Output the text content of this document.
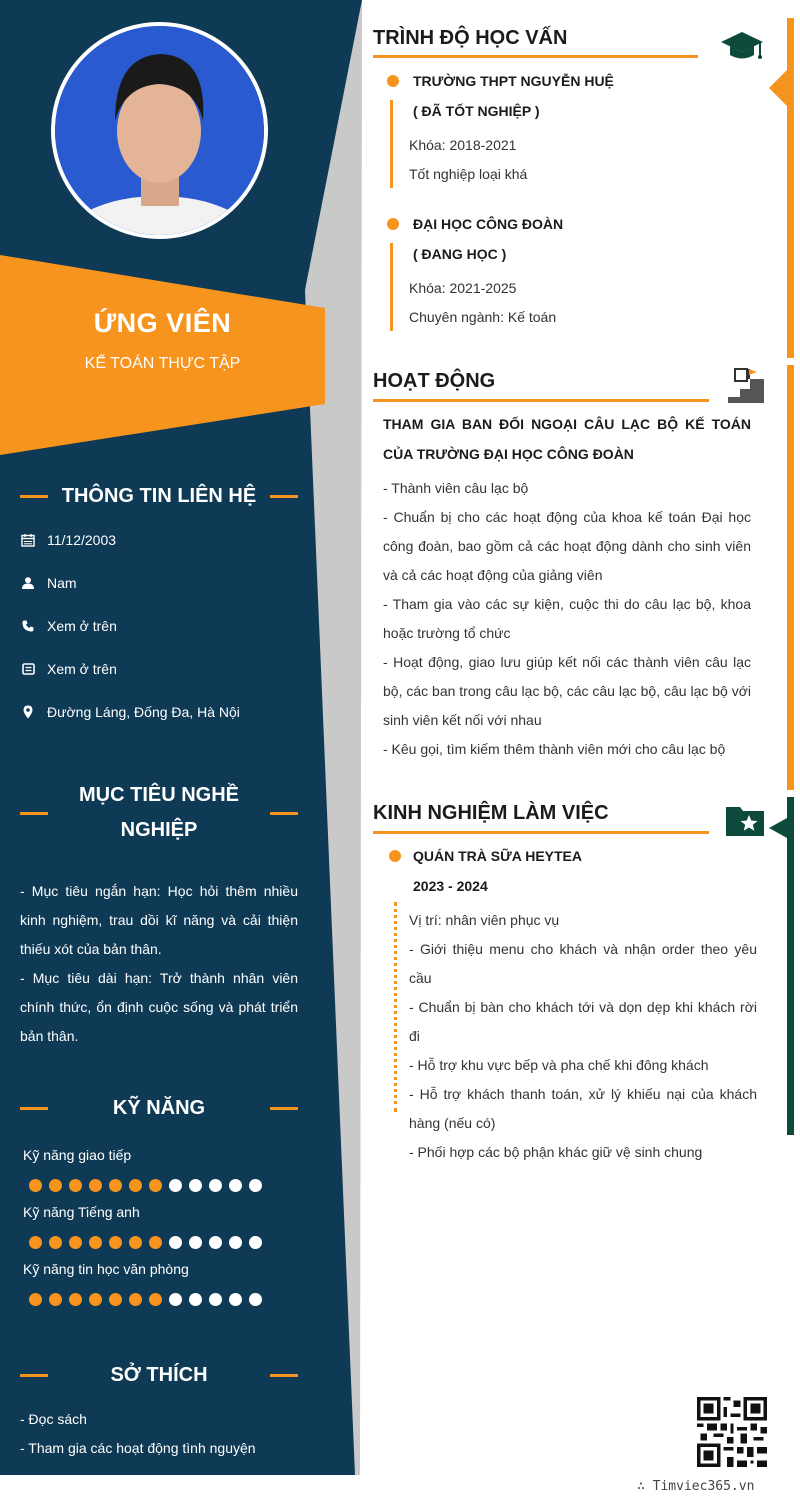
ỨNG VIÊN
KẾ TOÁN THỰC TẬP
THÔNG TIN LIÊN HỆ
11/12/2003
Nam
Xem ở trên
Xem ở trên
Đường Láng, Đống Đa, Hà Nội
MỤC TIÊU NGHỀ
NGHIỆP
- Mục tiêu ngắn hạn: Học hỏi thêm nhiều kinh nghiệm, trau dồi kĩ năng và cải thiện thiếu xót của bản thân.
- Mục tiêu dài hạn: Trở thành nhân viên chính thức, ổn định cuộc sống và phát triển bản thân.
KỸ NĂNG
Kỹ năng giao tiếp
Kỹ năng Tiếng anh
Kỹ năng tin học văn phòng
SỞ THÍCH
- Đọc sách
- Tham gia các hoạt động tình nguyện
TRÌNH ĐỘ HỌC VẤN
TRƯỜNG THPT NGUYỄN HUỆ
( ĐÃ TỐT NGHIỆP )
Khóa: 2018-2021
Tốt nghiệp loại khá
ĐẠI HỌC CÔNG ĐOÀN
( ĐANG HỌC )
Khóa: 2021-2025
Chuyên ngành: Kế toán
HOẠT ĐỘNG
THAM GIA BAN ĐỐI NGOẠI CÂU LẠC BỘ KẾ TOÁN CỦA TRƯỜNG ĐẠI HỌC CÔNG ĐOÀN
- Thành viên câu lạc bộ
- Chuẩn bị cho các hoạt động của khoa kế toán Đại học công đoàn, bao gồm cả các hoạt động dành cho sinh viên và cả các hoạt động của giảng viên
- Tham gia vào các sự kiện, cuộc thi do câu lạc bộ, khoa hoặc trường tổ chức
- Hoạt động, giao lưu giúp kết nối các thành viên câu lạc bộ, các ban trong câu lạc bộ, các câu lạc bộ, câu lạc bộ với sinh viên kết nối với nhau
- Kêu gọi, tìm kiếm thêm thành viên mới cho câu lạc bộ
KINH NGHIỆM LÀM VIỆC
QUÁN TRÀ SỮA HEYTEA
2023 - 2024
Vị trí: nhân viên phục vụ
- Giới thiệu menu cho khách và nhận order theo yêu cầu
- Chuẩn bị bàn cho khách tới và dọn dẹp khi khách rời đi
- Hỗ trợ khu vực bếp và pha chế khi đông khách
- Hỗ trợ khách thanh toán, xử lý khiếu nại của khách hàng (nếu có)
- Phối hợp các bộ phận khác giữ vệ sinh chung
∴ Timviec365.vn
